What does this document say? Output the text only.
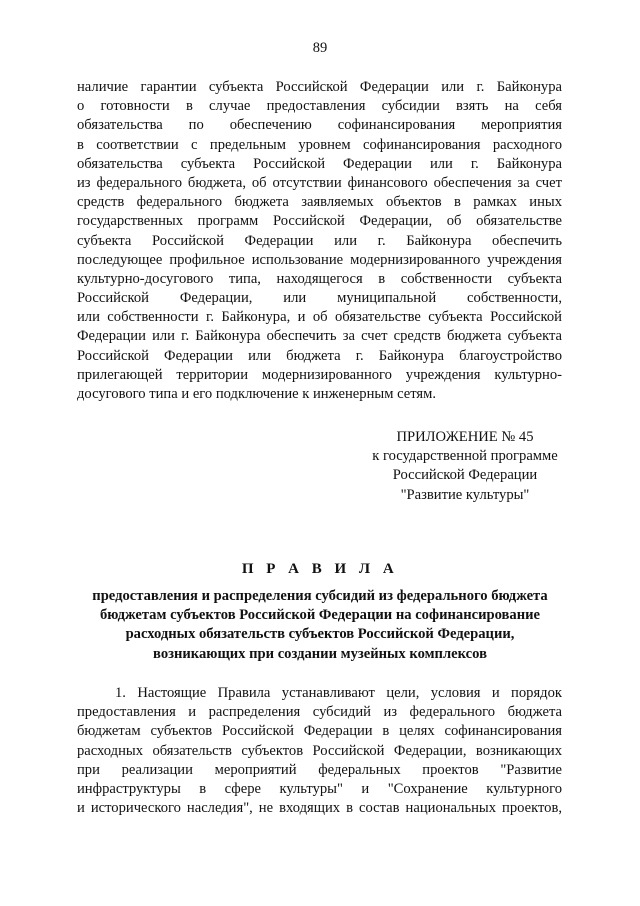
89
наличие гарантии субъекта Российской Федерации или г. Байконура
о готовности в случае предоставления субсидии взять на себя
обязательства по обеспечению софинансирования мероприятия
в соответствии с предельным уровнем софинансирования расходного
обязательства субъекта Российской Федерации или г. Байконура
из федерального бюджета, об отсутствии финансового обеспечения за счет
средств федерального бюджета заявляемых объектов в рамках иных
государственных программ Российской Федерации, об обязательстве
субъекта Российской Федерации или г. Байконура обеспечить
последующее профильное использование модернизированного учреждения
культурно-досугового типа, находящегося в собственности субъекта
Российской Федерации, или муниципальной собственности,
или собственности г. Байконура, и об обязательстве субъекта Российской
Федерации или г. Байконура обеспечить за счет средств бюджета субъекта
Российской Федерации или бюджета г. Байконура благоустройство
прилегающей территории модернизированного учреждения культурно-
досугового типа и его подключение к инженерным сетям.
ПРИЛОЖЕНИЕ № 45
к государственной программе
Российской Федерации
"Развитие культуры"
П Р А В И Л А
предоставления и распределения субсидий из федерального бюджета
бюджетам субъектов Российской Федерации на софинансирование
расходных обязательств субъектов Российской Федерации,
возникающих при создании музейных комплексов
1. Настоящие Правила устанавливают цели, условия и порядок
предоставления и распределения субсидий из федерального бюджета
бюджетам субъектов Российской Федерации в целях софинансирования
расходных обязательств субъектов Российской Федерации, возникающих
при реализации мероприятий федеральных проектов "Развитие
инфраструктуры в сфере культуры" и "Сохранение культурного
и исторического наследия", не входящих в состав национальных проектов,
